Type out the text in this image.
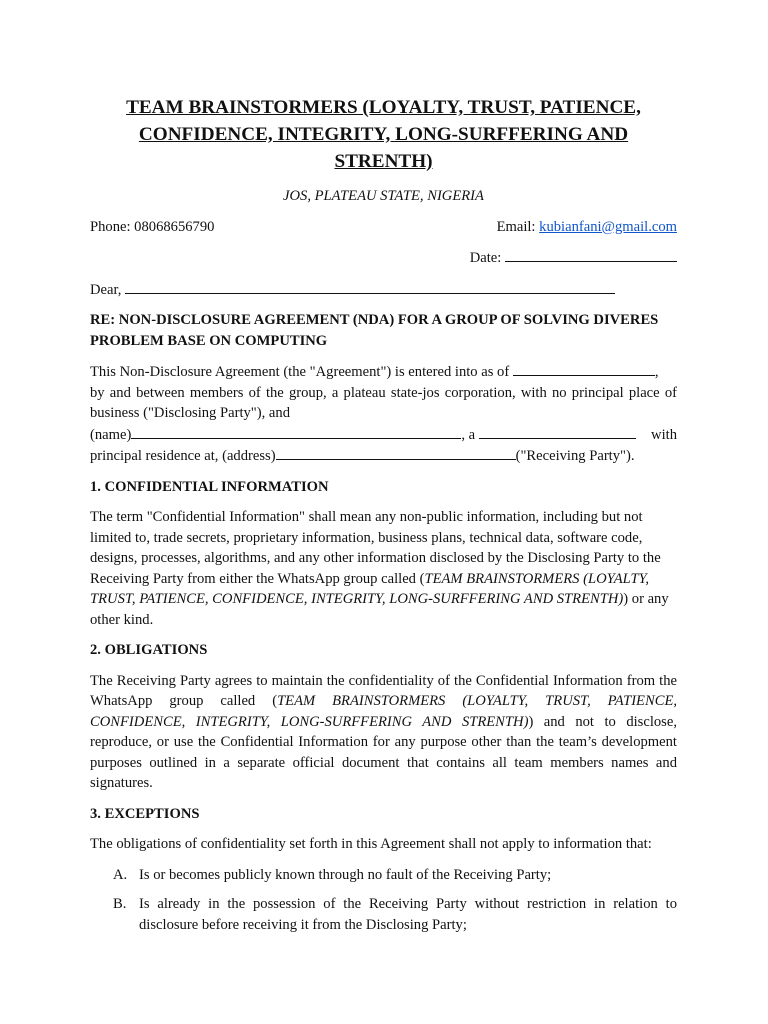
TEAM BRAINSTORMERS (LOYALTY, TRUST, PATIENCE,
CONFIDENCE, INTEGRITY, LONG-SURFFERING AND
STRENTH)
JOS, PLATEAU STATE, NIGERIA
Phone: 08068656790	Email: kubianfani@gmail.com
Date:
Dear,

RE: NON-DISCLOSURE AGREEMENT (NDA) FOR A GROUP OF SOLVING DIVERES PROBLEM BASE ON COMPUTING

This Non-Disclosure Agreement (the "Agreement") is entered into as of	,
by and between members of the group, a plateau state-jos corporation, with no principal place of business ("Disclosing Party"), and
(name)	, a	with
principal residence at, (address)	("Receiving Party").
1. CONFIDENTIAL INFORMATION

The term "Confidential Information" shall mean any non-public information, including but not limited to, trade secrets, proprietary information, business plans, technical data, software code, designs, processes, algorithms, and any other information disclosed by the Disclosing Party to the Receiving Party from either the WhatsApp group called (TEAM BRAINSTORMERS (LOYALTY, TRUST, PATIENCE, CONFIDENCE, INTEGRITY, LONG-SURFFERING AND STRENTH)) or any other kind.

2. OBLIGATIONS

The Receiving Party agrees to maintain the confidentiality of the Confidential Information from the WhatsApp group called (TEAM BRAINSTORMERS (LOYALTY, TRUST, PATIENCE, CONFIDENCE, INTEGRITY, LONG-SURFFERING AND STRENTH)) and not to disclose, reproduce, or use the Confidential Information for any purpose other than the team’s development purposes outlined in a separate official document that contains all team members names and signatures.

3. EXCEPTIONS

The obligations of confidentiality set forth in this Agreement shall not apply to information that:

A. Is or becomes publicly known through no fault of the Receiving Party;
B. Is already in the possession of the Receiving Party without restriction in relation to disclosure before receiving it from the Disclosing Party;
